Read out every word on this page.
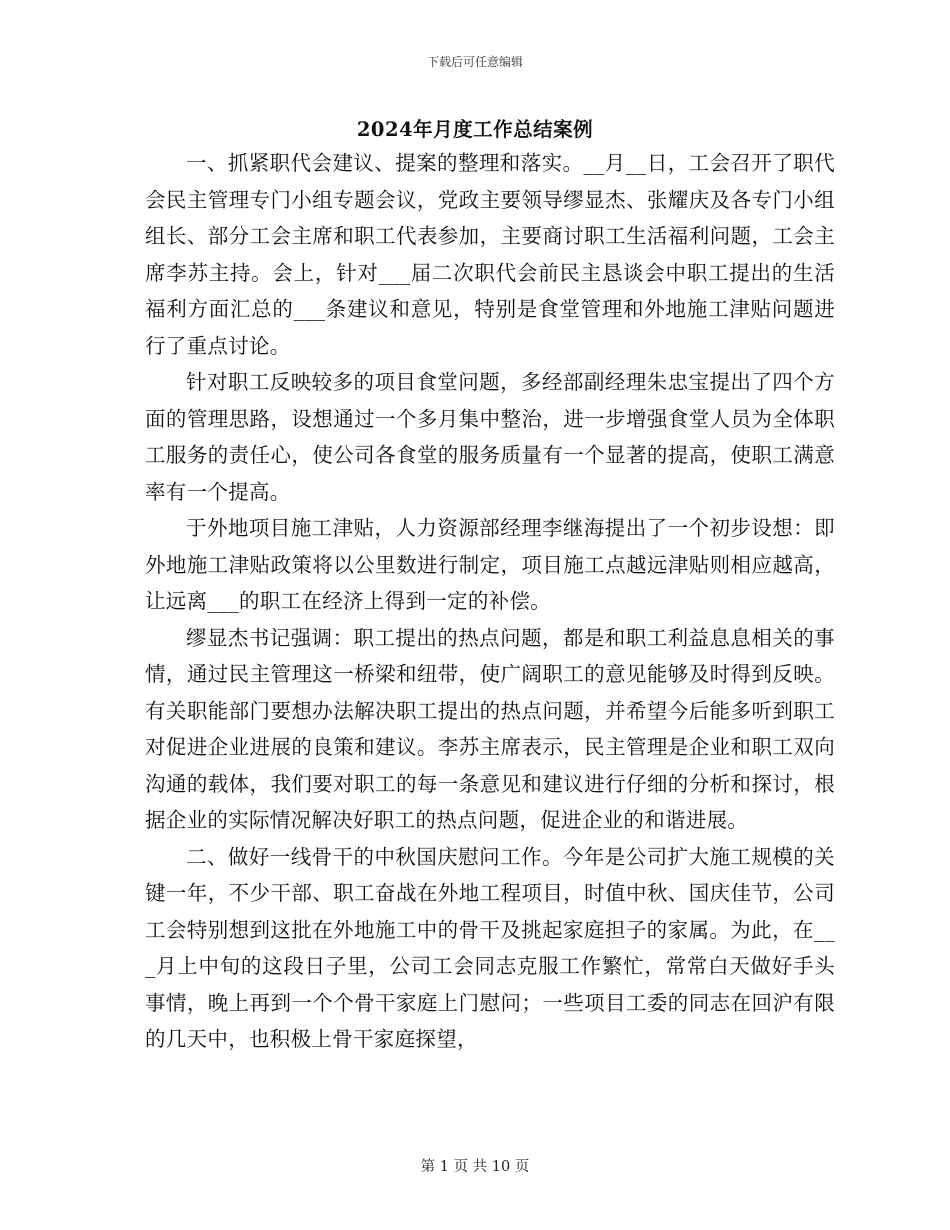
下载后可任意编辑
2024年月度工作总结案例

一、抓紧职代会建议、提案的整理和落实。__月__日，工会召开了职代会民主管理专门小组专题会议，党政主要领导缪显杰、张耀庆及各专门小组组长、部分工会主席和职工代表参加，主要商讨职工生活福利问题，工会主席李苏主持。会上，针对___届二次职代会前民主恳谈会中职工提出的生活福利方面汇总的___条建议和意见，特别是食堂管理和外地施工津贴问题进行了重点讨论。

针对职工反映较多的项目食堂问题，多经部副经理朱忠宝提出了四个方面的管理思路，设想通过一个多月集中整治，进一步增强食堂人员为全体职工服务的责任心，使公司各食堂的服务质量有一个显著的提高，使职工满意率有一个提高。

于外地项目施工津贴，人力资源部经理李继海提出了一个初步设想：即外地施工津贴政策将以公里数进行制定，项目施工点越远津贴则相应越高，让远离___的职工在经济上得到一定的补偿。

缪显杰书记强调：职工提出的热点问题，都是和职工利益息息相关的事情，通过民主管理这一桥梁和纽带，使广阔职工的意见能够及时得到反映。有关职能部门要想办法解决职工提出的热点问题，并希望今后能多听到职工对促进企业进展的良策和建议。李苏主席表示，民主管理是企业和职工双向沟通的载体，我们要对职工的每一条意见和建议进行仔细的分析和探讨，根据企业的实际情况解决好职工的热点问题，促进企业的和谐进展。

二、做好一线骨干的中秋国庆慰问工作。今年是公司扩大施工规模的关键一年，不少干部、职工奋战在外地工程项目，时值中秋、国庆佳节，公司工会特别想到这批在外地施工中的骨干及挑起家庭担子的家属。为此，在___月上中旬的这段日子里，公司工会同志克服工作繁忙，常常白天做好手头事情，晚上再到一个个骨干家庭上门慰问；一些项目工委的同志在回沪有限的几天中，也积极上骨干家庭探望，

第 1 页 共 10 页
